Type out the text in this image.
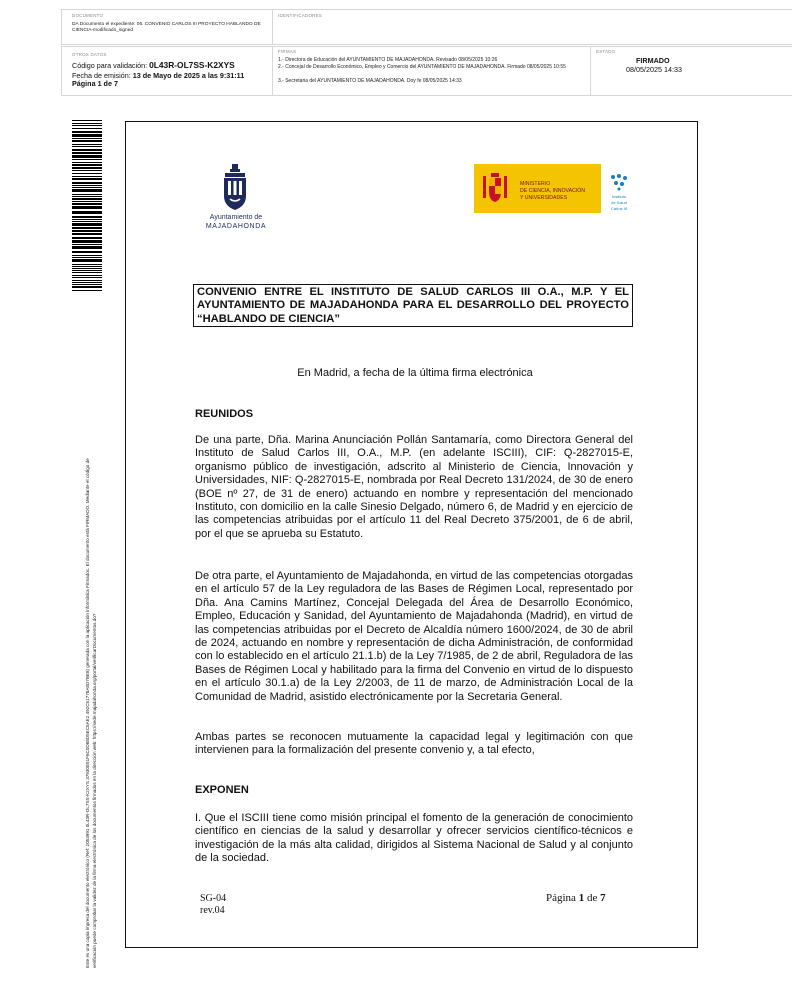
DOCUMENTO
DA Documento el expediente: 06. CONVENIO CARLOS III PROYECTO HABLANDO DE CIENCIA-modificado_signed
IDENTIFICADORES
OTROS DATOS
Código para validación: 0L43R-OL7SS-K2XYS
Fecha de emisión: 13 de Mayo de 2025 a las 9:31:11
Página 1 de 7
FIRMAS
1.- Directora de Educación del AYUNTAMIENTO DE MAJADAHONDA. Revisado 08/05/2025 10:26
2.- Concejal de Desarrollo Económico, Empleo y Comercio del AYUNTAMIENTO DE MAJADAHONDA. Firmado 08/05/2025 10:55
3.- Secretaria del AYUNTAMIENTO DE MAJADAHONDA. Doy fe 08/05/2025 14:33
ESTADO
FIRMADO
08/05/2025 14:33
Este es una copia impresa del documento electrónico (Ref: 2053991 0L43R-OL7SS-K2XYS 37930E51F6C0D68D5EC5AE2 492C51778A8D7BE8) generada con la aplicación informática Firmadoc. El documento está FIRMADO. Mediante el código de verificación puede comprobar la validez de la firma electrónica de los documentos firmados en la dirección web: https://sede.majadahonda.org/portal/verificarDocumentos.do?
Ayuntamiento de
MAJADAHONDA
MINISTERIO
DE CIENCIA, INNOVACIÓN
Y UNIVERSIDADES	Instituto
de Salud
Carlos III
CONVENIO ENTRE EL INSTITUTO DE SALUD CARLOS III O.A., M.P. Y EL AYUNTAMIENTO DE MAJADAHONDA PARA EL DESARROLLO DEL PROYECTO “HABLANDO DE CIENCIA”
En Madrid, a fecha de la última firma electrónica
REUNIDOS
De una parte, Dña. Marina Anunciación Pollán Santamaría, como Directora General del Instituto de Salud Carlos III, O.A., M.P. (en adelante ISCIII), CIF: Q-2827015-E, organismo público de investigación, adscrito al Ministerio de Ciencia, Innovación y Universidades, NIF: Q-2827015-E, nombrada por Real Decreto 131/2024, de 30 de enero (BOE nº 27, de 31 de enero) actuando en nombre y representación del mencionado Instituto, con domicilio en la calle Sinesio Delgado, número 6, de Madrid y en ejercicio de las competencias atribuidas por el artículo 11 del Real Decreto 375/2001, de 6 de abril, por el que se aprueba su Estatuto.
De otra parte, el Ayuntamiento de Majadahonda, en virtud de las competencias otorgadas en el artículo 57 de la Ley reguladora de las Bases de Régimen Local, representado por Dña. Ana Camins Martínez, Concejal Delegada del Área de Desarrollo Económico, Empleo, Educación y Sanidad, del Ayuntamiento de Majadahonda (Madrid), en virtud de las competencias atribuidas por el Decreto de Alcaldía número 1600/2024, de 30 de abril de 2024, actuando en nombre y representación de dicha Administración, de conformidad con lo establecido en el artículo 21.1.b) de la Ley 7/1985, de 2 de abril, Reguladora de las Bases de Régimen Local y habilitado para la firma del Convenio en virtud de lo dispuesto en el artículo 30.1.a) de la Ley 2/2003, de 11 de marzo, de Administración Local de la Comunidad de Madrid, asistido electrónicamente por la Secretaria General.
Ambas partes se reconocen mutuamente la capacidad legal y legitimación con que intervienen para la formalización del presente convenio y, a tal efecto,
EXPONEN
I. Que el ISCIII tiene como misión principal el fomento de la generación de conocimiento científico en ciencias de la salud y desarrollar y ofrecer servicios científico-técnicos e investigación de la más alta calidad, dirigidos al Sistema Nacional de Salud y al conjunto de la sociedad.
SG-04
rev.04
Página 1 de 7
